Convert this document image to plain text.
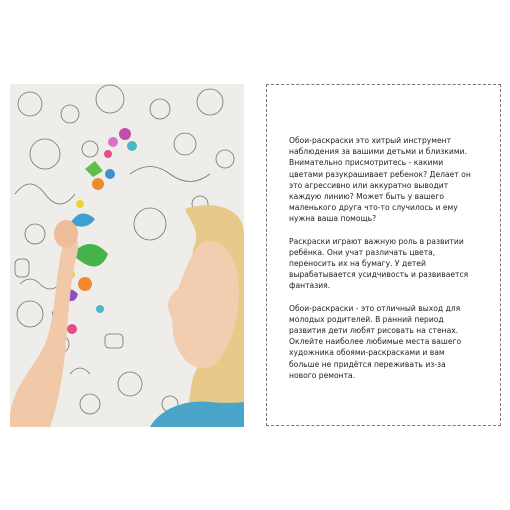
Обои-раскраски это хитрый инструмент
наблюдения за вашими детьми и близкими.
Внимательно присмотритесь - какими
цветами разукрашивает ребенок? Делает он
это агрессивно или аккуратно выводит
каждую линию? Может быть у вашего
маленького друга что-то случилось и ему
нужна ваша помощь?

Раскраски играют важную роль в развитии
ребёнка. Они учат различать цвета,
переносить их на бумагу. У детей
вырабатывается усидчивость и развивается
фантазия.

Обои-раскраски - это отличный выход для
молодых родителей. В ранний период
развития дети любят рисовать на стенах.
Оклейте наиболее любимые места вашего
художника обоями-раскрасками и вам
больше не придётся переживать из-за
нового ремонта.
